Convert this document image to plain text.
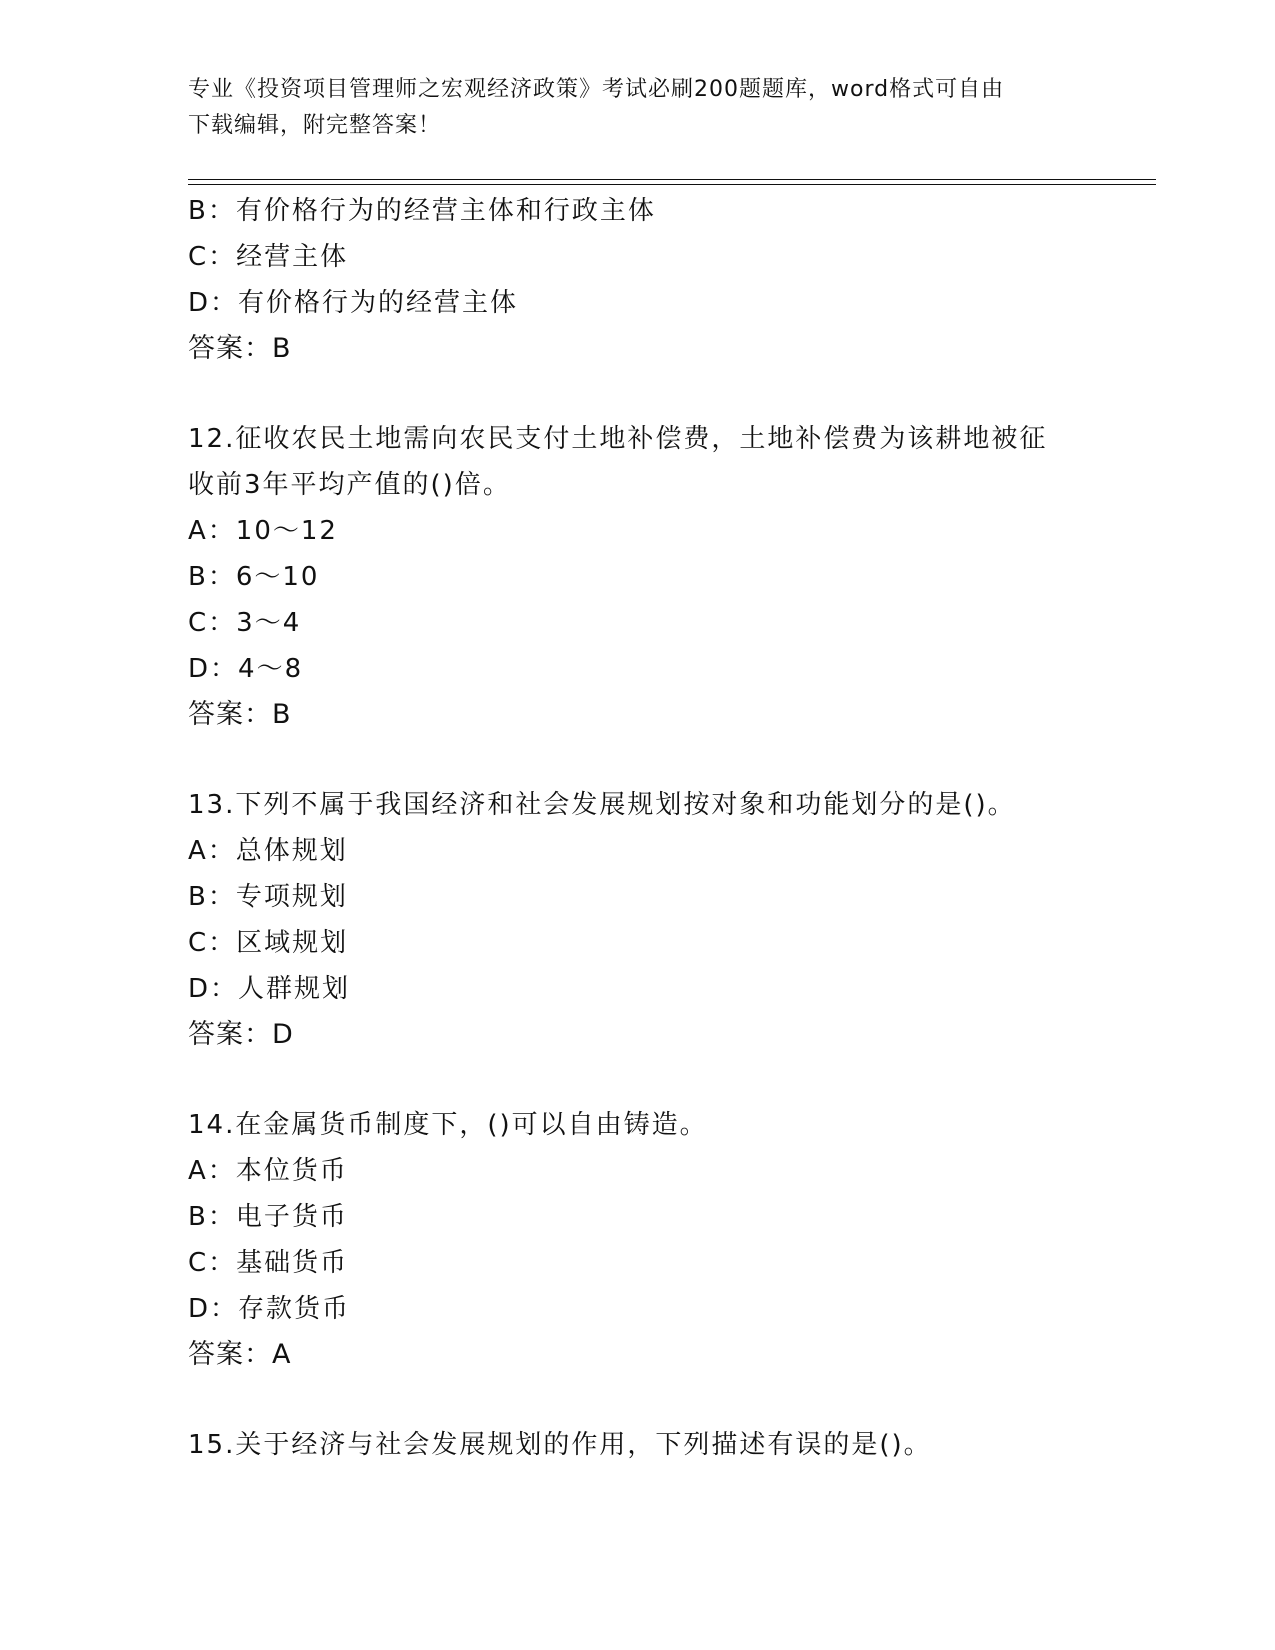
专业《投资项目管理师之宏观经济政策》考试必刷200题题库，word格式可自由
下载编辑，附完整答案！
B：有价格行为的经营主体和行政主体
C：经营主体
D：有价格行为的经营主体
答案：B
12.征收农民土地需向农民支付土地补偿费，土地补偿费为该耕地被征
收前3年平均产值的()倍。
A：10～12
B：6～10
C：3～4
D：4～8
答案：B
13.下列不属于我国经济和社会发展规划按对象和功能划分的是()。
A：总体规划
B：专项规划
C：区域规划
D：人群规划
答案：D
14.在金属货币制度下，()可以自由铸造。
A：本位货币
B：电子货币
C：基础货币
D：存款货币
答案：A
15.关于经济与社会发展规划的作用，下列描述有误的是()。
